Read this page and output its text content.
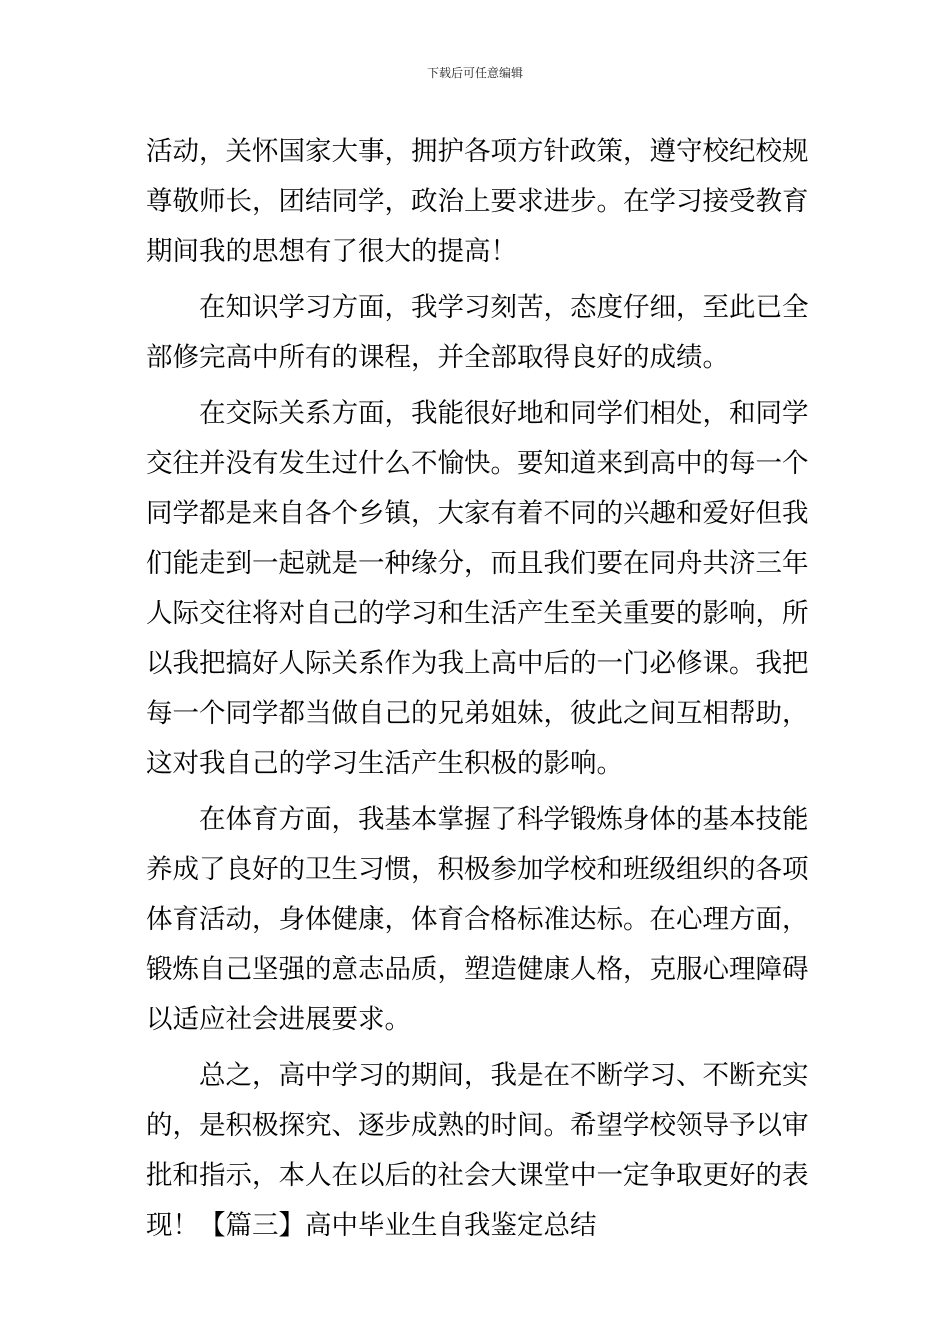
下载后可任意编辑
活动，关怀国家大事，拥护各项方针政策，遵守校纪校规
尊敬师长，团结同学，政治上要求进步。在学习接受教育
期间我的思想有了很大的提高！
在知识学习方面，我学习刻苦，态度仔细，至此已全
部修完高中所有的课程，并全部取得良好的成绩。
在交际关系方面，我能很好地和同学们相处，和同学
交往并没有发生过什么不愉快。要知道来到高中的每一个
同学都是来自各个乡镇，大家有着不同的兴趣和爱好但我
们能走到一起就是一种缘分，而且我们要在同舟共济三年
人际交往将对自己的学习和生活产生至关重要的影响，所
以我把搞好人际关系作为我上高中后的一门必修课。我把
每一个同学都当做自己的兄弟姐妹，彼此之间互相帮助，
这对我自己的学习生活产生积极的影响。
在体育方面，我基本掌握了科学锻炼身体的基本技能
养成了良好的卫生习惯，积极参加学校和班级组织的各项
体育活动，身体健康，体育合格标准达标。在心理方面，
锻炼自己坚强的意志品质，塑造健康人格，克服心理障碍
以适应社会进展要求。
总之，高中学习的期间，我是在不断学习、不断充实
的，是积极探究、逐步成熟的时间。希望学校领导予以审
批和指示，本人在以后的社会大课堂中一定争取更好的表
现！【篇三】高中毕业生自我鉴定总结
